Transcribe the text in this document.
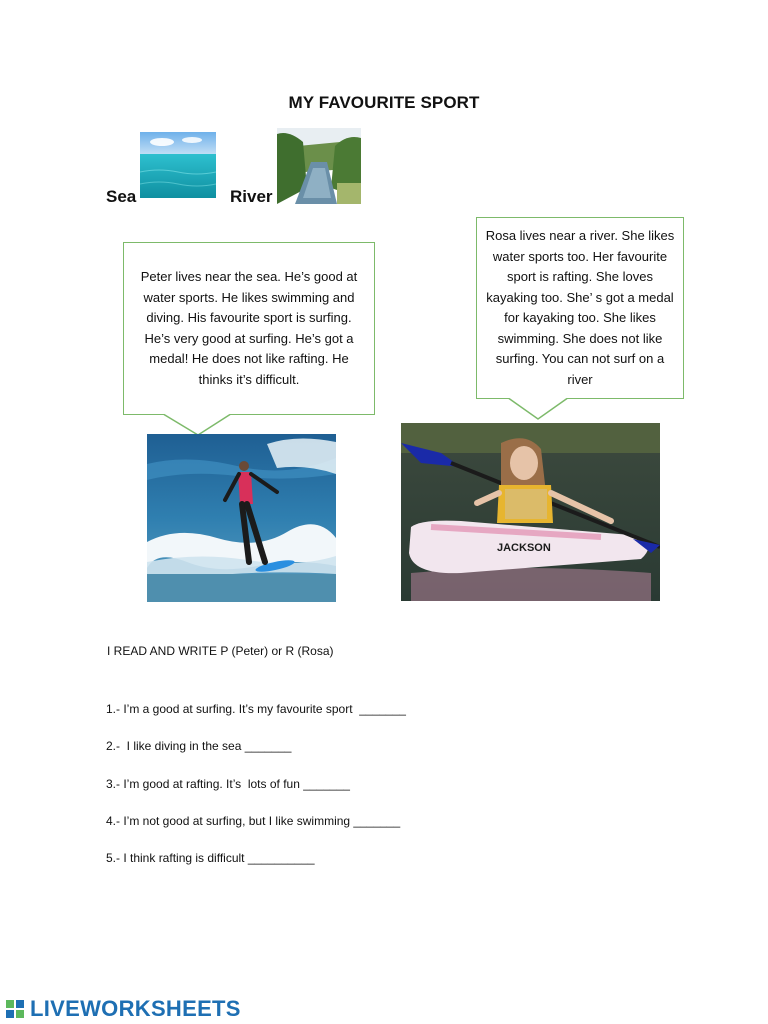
MY FAVOURITE SPORT
Sea	River
Peter lives near the sea. He’s good at water sports. He likes swimming and diving. His favourite sport is surfing. He’s very good at surfing. He’s got a medal! He does not like rafting. He thinks it’s difficult.
Rosa lives near a river. She likes water sports too. Her favourite sport is rafting. She loves kayaking too. She’ s got a medal for kayaking too. She likes swimming. She does not like surfing. You can not surf on a river
JACKSON
I READ AND WRITE P (Peter) or R (Rosa)
1.- I’m a good at surfing. It’s my favourite sport  _______
2.-  I like diving in the sea _______
3.- I’m good at rafting. It’s  lots of fun _______
4.- I’m not good at surfing, but I like swimming _______
5.- I think rafting is difficult __________
LIVEWORKSHEETS
